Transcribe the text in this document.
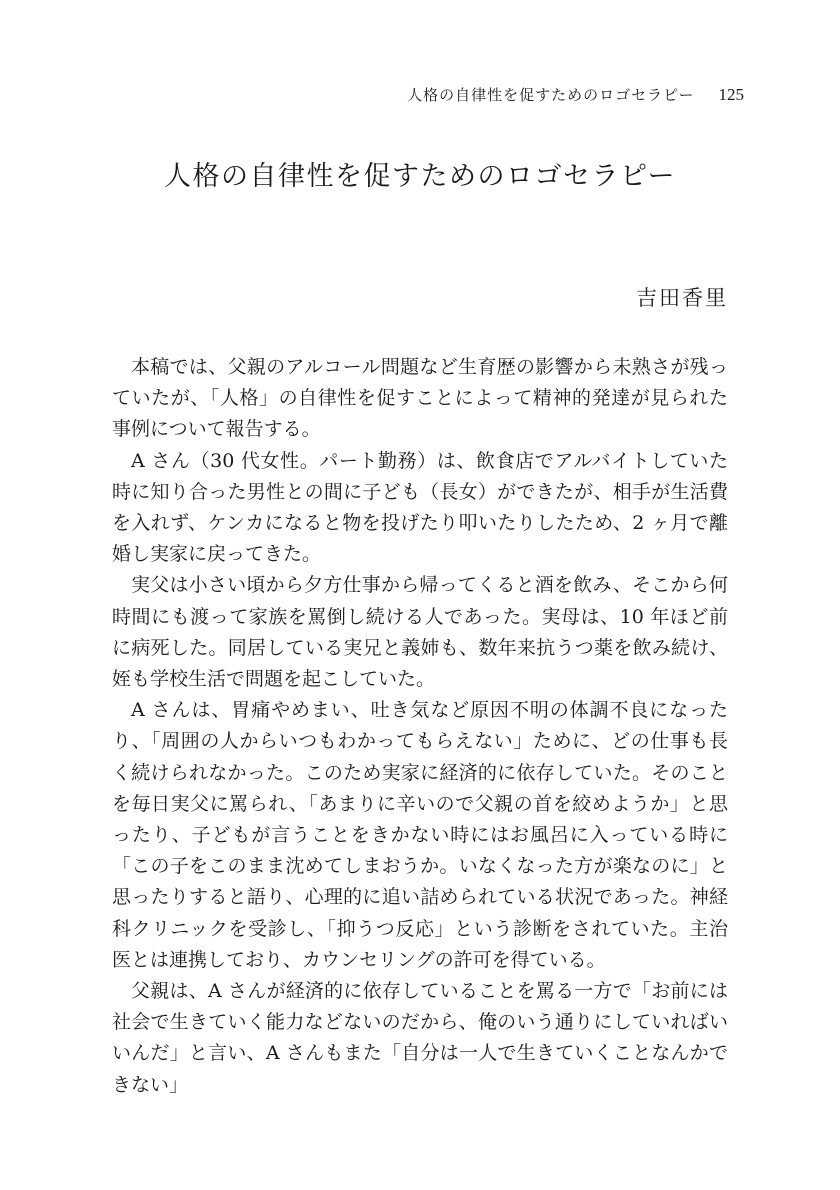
人格の自律性を促すためのロゴセラピー 125
人格の自律性を促すためのロゴセラピー
吉田香里

本稿では、父親のアルコール問題など生育歴の影響から未熟さが残っていたが、「人格」の自律性を促すことによって精神的発達が見られた事例について報告する。

A さん（30 代女性。パート勤務）は、飲食店でアルバイトしていた時に知り合った男性との間に子ども（長女）ができたが、相手が生活費を入れず、ケンカになると物を投げたり叩いたりしたため、2 ヶ月で離婚し実家に戻ってきた。

実父は小さい頃から夕方仕事から帰ってくると酒を飲み、そこから何時間にも渡って家族を罵倒し続ける人であった。実母は、10 年ほど前に病死した。同居している実兄と義姉も、数年来抗うつ薬を飲み続け、姪も学校生活で問題を起こしていた。

A さんは、胃痛やめまい、吐き気など原因不明の体調不良になったり、「周囲の人からいつもわかってもらえない」ために、どの仕事も長く続けられなかった。このため実家に経済的に依存していた。そのことを毎日実父に罵られ、「あまりに辛いので父親の首を絞めようか」と思ったり、子どもが言うことをきかない時にはお風呂に入っている時に「この子をこのまま沈めてしまおうか。いなくなった方が楽なのに」と思ったりすると語り、心理的に追い詰められている状況であった。神経科クリニックを受診し、「抑うつ反応」という診断をされていた。主治医とは連携しており、カウンセリングの許可を得ている。

父親は、A さんが経済的に依存していることを罵る一方で「お前には社会で生きていく能力などないのだから、俺のいう通りにしていればいいんだ」と言い、A さんもまた「自分は一人で生きていくことなんかできない」
